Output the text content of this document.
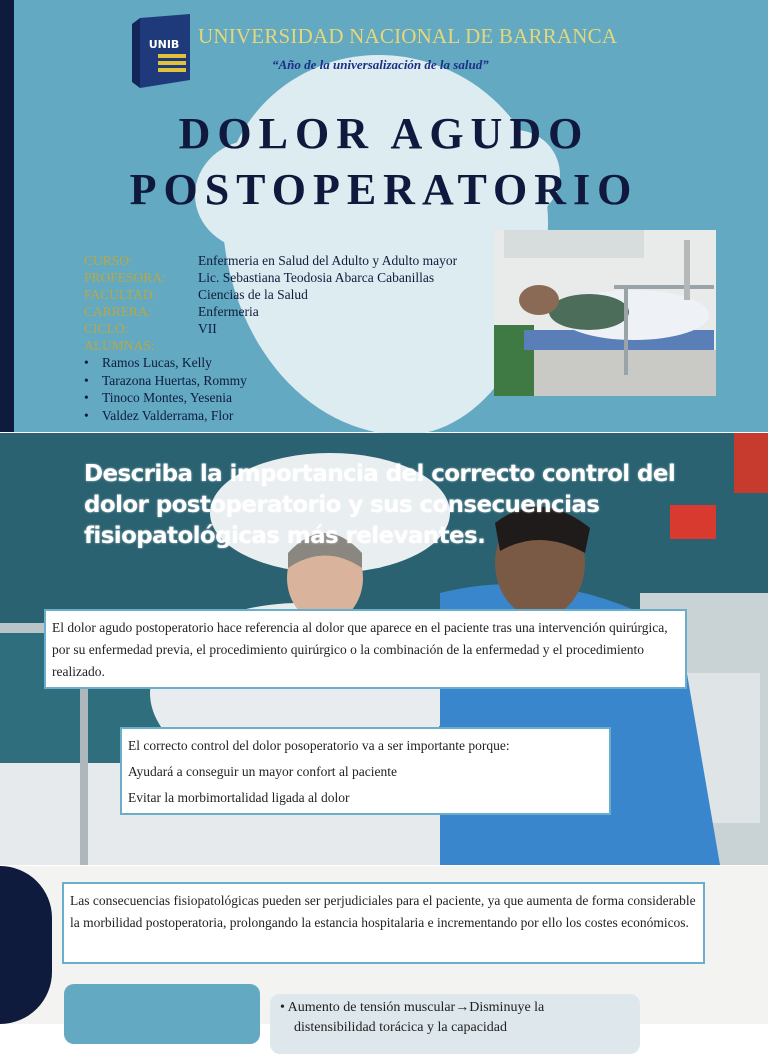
UNIB UNIVERSIDAD NACIONAL DE BARRANCA
“Año de la universalización de la salud”
DOLOR AGUDO
POSTOPERATORIO
CURSO:	Enfermeria en Salud del Adulto y Adulto mayor
PROFESORA:	Lic. Sebastiana Teodosia Abarca Cabanillas
FACULTAD:	Ciencias de la Salud
CARRERA:	Enfermeria
CICLO:	VII
ALUMNAS:
• Ramos Lucas, Kelly
• Tarazona Huertas, Rommy
• Tinoco Montes, Yesenia
• Valdez Valderrama, Flor
Describa la importancia del correcto control del dolor postoperatorio y sus consecuencias fisiopatológicas más relevantes.
El dolor agudo postoperatorio hace referencia al dolor que aparece en el paciente tras una intervención quirúrgica, por su enfermedad previa, el procedimiento quirúrgico o la combinación de la enfermedad y el procedimiento realizado.
El correcto control del dolor posoperatorio va a ser importante porque:
Ayudará a conseguir un mayor confort al paciente
Evitar la morbimortalidad ligada al dolor
Las consecuencias fisiopatológicas pueden ser perjudiciales para el paciente, ya que aumenta de forma considerable la morbilidad postoperatoria, prolongando la estancia hospitalaria e incrementando por ello los costes económicos.
• Aumento de tensión muscular→Disminuye la
distensibilidad torácica y la capacidad
